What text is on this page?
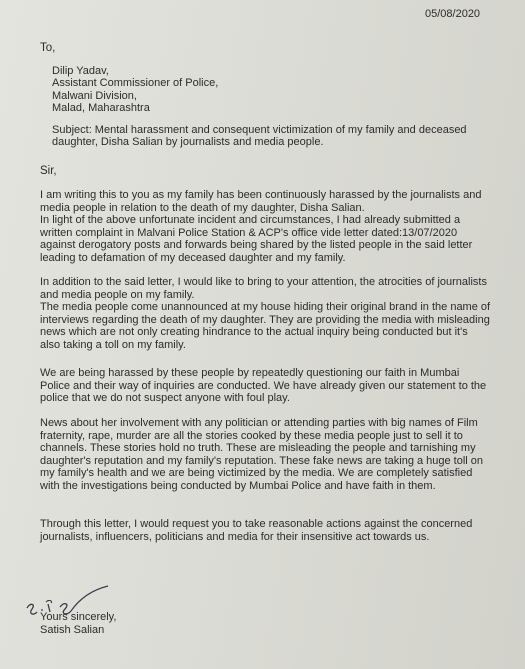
05/08/2020
To,
Dilip Yadav,
Assistant Commissioner of Police,
Malwani Division,
Malad, Maharashtra
Subject: Mental harassment and consequent victimization of my family and deceased daughter, Disha Salian by journalists and media people.
Sir,
I am writing this to you as my family has been continuously harassed by the journalists and
media people in relation to the death of my daughter, Disha Salian.
In light of the above unfortunate incident and circumstances, I had already submitted a
written complaint in Malvani Police Station & ACP's office vide letter dated:13/07/2020
against derogatory posts and forwards being shared by the listed people in the said letter
leading to defamation of my deceased daughter and my family.
In addition to the said letter, I would like to bring to your attention, the atrocities of journalists
and media people on my family.
The media people come unannounced at my house hiding their original brand in the name of
interviews regarding the death of my daughter. They are providing the media with misleading
news which are not only creating hindrance to the actual inquiry being conducted but it's
also taking a toll on my family.
We are being harassed by these people by repeatedly questioning our faith in Mumbai
Police and their way of inquiries are conducted. We have already given our statement to the
police that we do not suspect anyone with foul play.
News about her involvement with any politician or attending parties with big names of Film
fraternity, rape, murder are all the stories cooked by these media people just to sell it to
channels. These stories hold no truth. These are misleading the people and tarnishing my
daughter's reputation and my family's reputation. These fake news are taking a huge toll on
my family's health and we are being victimized by the media. We are completely satisfied
with the investigations being conducted by Mumbai Police and have faith in them.
Through this letter, I would request you to take reasonable actions against the concerned
journalists, influencers, politicians and media for their insensitive act towards us.
Yours sincerely,
Satish Salian
